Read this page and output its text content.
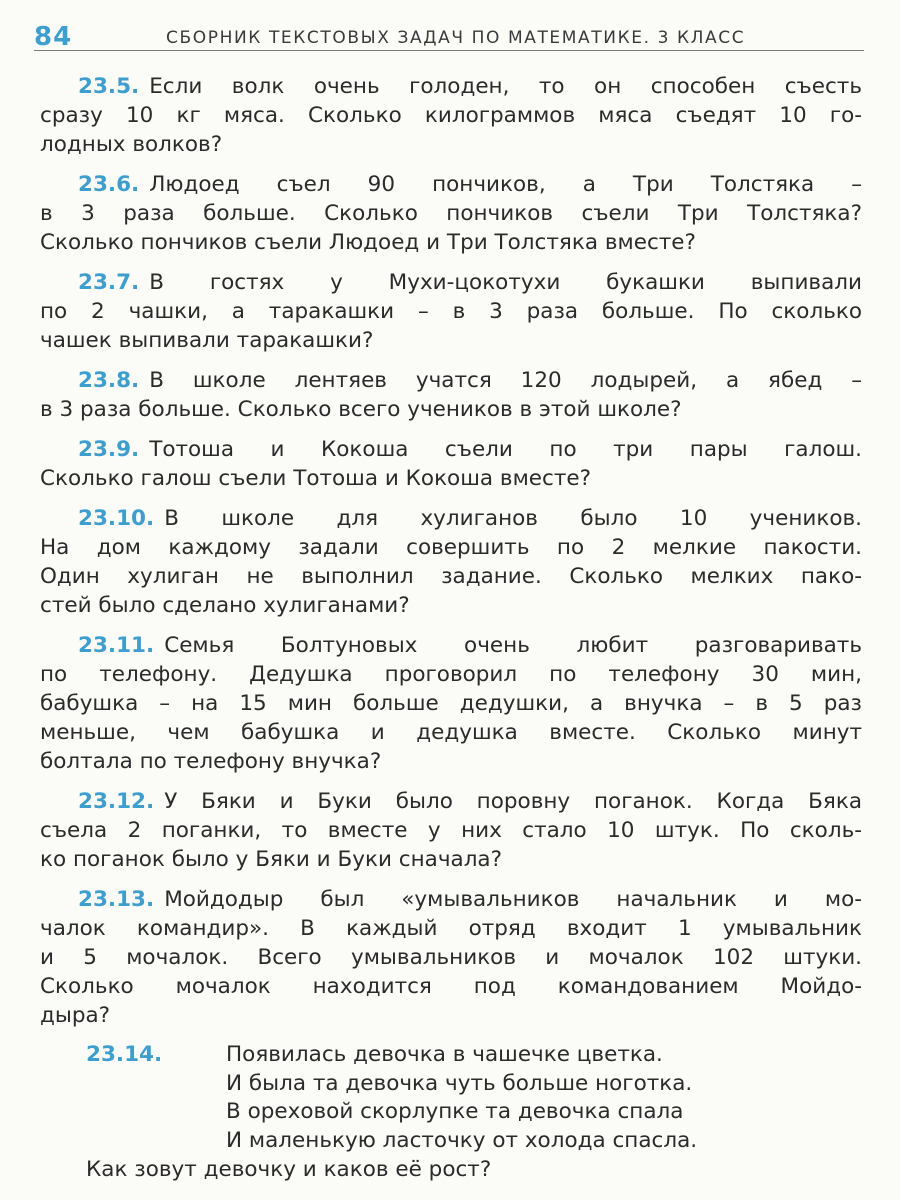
84	СБОРНИК ТЕКСТОВЫХ ЗАДАЧ ПО МАТЕМАТИКЕ. 3 КЛАСС
23.5. Если волк очень голоден, то он способен съесть
сразу 10 кг мяса. Сколько килограммов мяса съедят 10 го-
лодных волков?
23.6. Людоед съел 90 пончиков, а Три Толстяка –
в 3 раза больше. Сколько пончиков съели Три Толстяка?
Сколько пончиков съели Людоед и Три Толстяка вместе?
23.7. В гостях у Мухи-цокотухи букашки выпивали
по 2 чашки, а таракашки – в 3 раза больше. По сколько
чашек выпивали таракашки?
23.8. В школе лентяев учатся 120 лодырей, а ябед –
в 3 раза больше. Сколько всего учеников в этой школе?
23.9. Тотоша и Кокоша съели по три пары галош.
Сколько галош съели Тотоша и Кокоша вместе?
23.10. В школе для хулиганов было 10 учеников.
На дом каждому задали совершить по 2 мелкие пакости.
Один хулиган не выполнил задание. Сколько мелких пако-
стей было сделано хулиганами?
23.11. Семья Болтуновых очень любит разговаривать
по телефону. Дедушка проговорил по телефону 30 мин,
бабушка – на 15 мин больше дедушки, а внучка – в 5 раз
меньше, чем бабушка и дедушка вместе. Сколько минут
болтала по телефону внучка?
23.12. У Бяки и Буки было поровну поганок. Когда Бяка
съела 2 поганки, то вместе у них стало 10 штук. По сколь-
ко поганок было у Бяки и Буки сначала?
23.13. Мойдодыр был «умывальников начальник и мо-
чалок командир». В каждый отряд входит 1 умывальник
и 5 мочалок. Всего умывальников и мочалок 102 штуки.
Сколько мочалок находится под командованием Мойдо-
дыра?
23.14.	Появилась девочка в чашечке цветка.
И была та девочка чуть больше ноготка.
В ореховой скорлупке та девочка спала
И маленькую ласточку от холода спасла.
Как зовут девочку и каков её рост?
